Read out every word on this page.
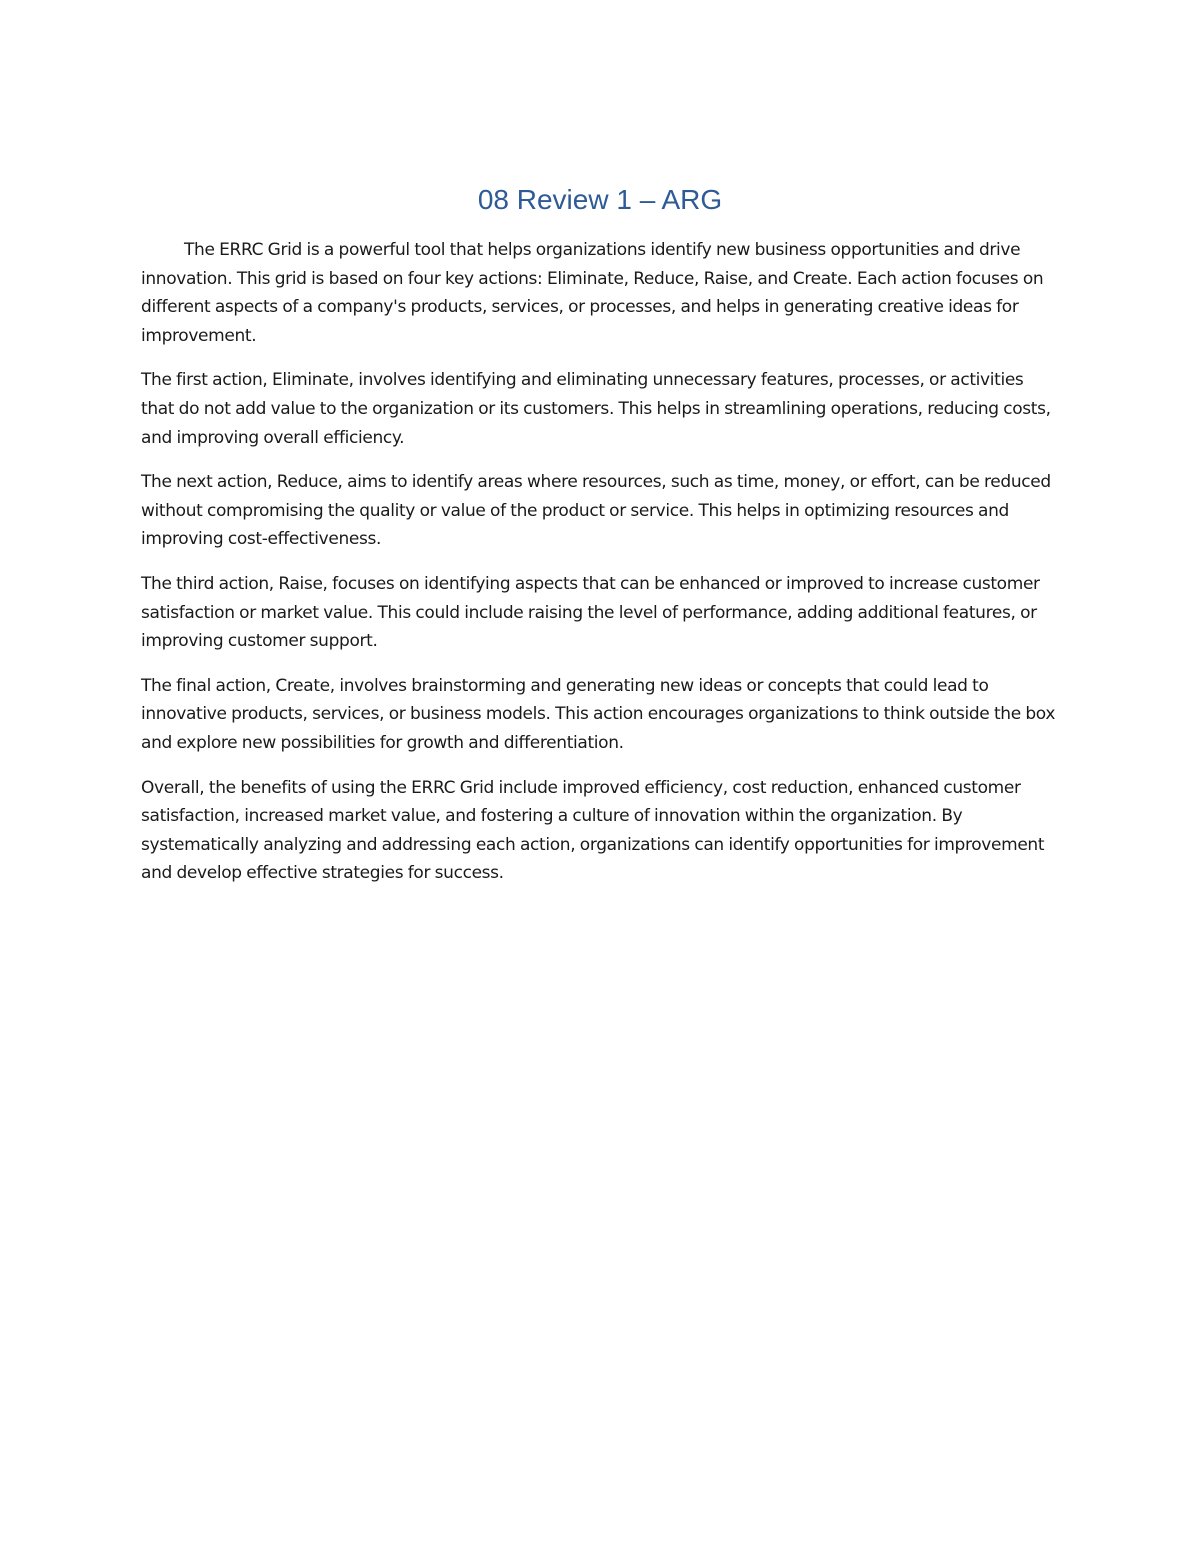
08 Review 1 – ARG

The ERRC Grid is a powerful tool that helps organizations identify new business opportunities and drive innovation. This grid is based on four key actions: Eliminate, Reduce, Raise, and Create. Each action focuses on different aspects of a company's products, services, or processes, and helps in generating creative ideas for improvement.

The first action, Eliminate, involves identifying and eliminating unnecessary features, processes, or activities that do not add value to the organization or its customers. This helps in streamlining operations, reducing costs, and improving overall efficiency.

The next action, Reduce, aims to identify areas where resources, such as time, money, or effort, can be reduced without compromising the quality or value of the product or service. This helps in optimizing resources and improving cost-effectiveness.

The third action, Raise, focuses on identifying aspects that can be enhanced or improved to increase customer satisfaction or market value. This could include raising the level of performance, adding additional features, or improving customer support.

The final action, Create, involves brainstorming and generating new ideas or concepts that could lead to innovative products, services, or business models. This action encourages organizations to think outside the box and explore new possibilities for growth and differentiation.

Overall, the benefits of using the ERRC Grid include improved efficiency, cost reduction, enhanced customer satisfaction, increased market value, and fostering a culture of innovation within the organization. By systematically analyzing and addressing each action, organizations can identify opportunities for improvement and develop effective strategies for success.
